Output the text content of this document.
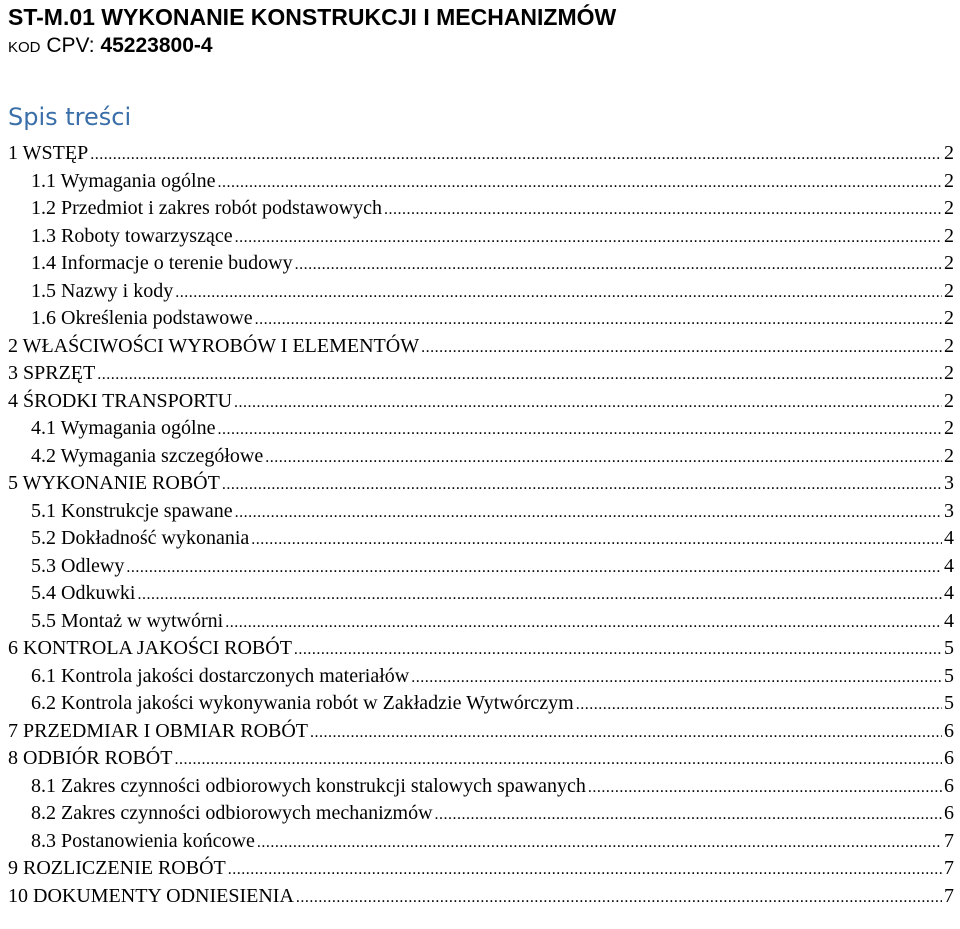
ST-M.01 WYKONANIE KONSTRUKCJI I MECHANIZMÓW
KOD CPV: 45223800-4
Spis treści
1 WSTĘP .....	2
1.1 Wymagania ogólne .....	2
1.2 Przedmiot i zakres robót podstawowych .....	2
1.3 Roboty towarzyszące .....	2
1.4 Informacje o terenie budowy .....	2
1.5 Nazwy i kody .....	2
1.6 Określenia podstawowe .....	2
2 WŁAŚCIWOŚCI WYROBÓW I ELEMENTÓW .....	2
3 SPRZĘT .....	2
4 ŚRODKI TRANSPORTU .....	2
4.1 Wymagania ogólne .....	2
4.2 Wymagania szczegółowe .....	2
5 WYKONANIE ROBÓT .....	3
5.1 Konstrukcje spawane .....	3
5.2 Dokładność wykonania .....	4
5.3 Odlewy .....	4
5.4 Odkuwki .....	4
5.5 Montaż w wytwórni .....	4
6 KONTROLA JAKOŚCI ROBÓT .....	5
6.1 Kontrola jakości dostarczonych materiałów .....	5
6.2 Kontrola jakości wykonywania robót w Zakładzie Wytwórczym .....	5
7 PRZEDMIAR I OBMIAR ROBÓT .....	6
8 ODBIÓR ROBÓT .....	6
8.1 Zakres czynności odbiorowych konstrukcji stalowych spawanych .....	6
8.2 Zakres czynności odbiorowych mechanizmów .....	6
8.3 Postanowienia końcowe .....	7
9 ROZLICZENIE ROBÓT .....	7
10 DOKUMENTY ODNIESIENIA .....	7
